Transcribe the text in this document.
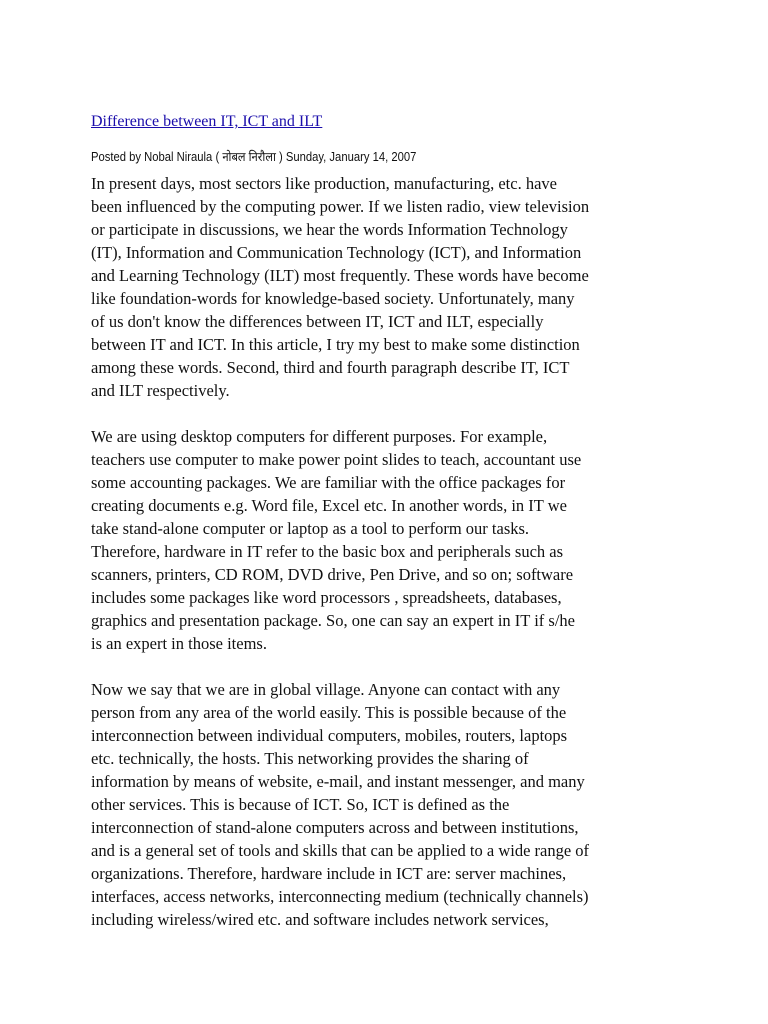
Difference between IT, ICT and ILT
Posted by Nobal Niraula ( नोबल निरौला ) Sunday, January 14, 2007

In present days, most sectors like production, manufacturing, etc. have
been influenced by the computing power. If we listen radio, view television
or participate in discussions, we hear the words Information Technology
(IT), Information and Communication Technology (ICT), and Information
and Learning Technology (ILT) most frequently. These words have become
like foundation-words for knowledge-based society. Unfortunately, many
of us don't know the differences between IT, ICT and ILT, especially
between IT and ICT. In this article, I try my best to make some distinction
among these words. Second, third and fourth paragraph describe IT, ICT
and ILT respectively.

We are using desktop computers for different purposes. For example,
teachers use computer to make power point slides to teach, accountant use
some accounting packages. We are familiar with the office packages for
creating documents e.g. Word file, Excel etc. In another words, in IT we
take stand-alone computer or laptop as a tool to perform our tasks.
Therefore, hardware in IT refer to the basic box and peripherals such as
scanners, printers, CD ROM, DVD drive, Pen Drive, and so on; software
includes some packages like word processors , spreadsheets, databases,
graphics and presentation package. So, one can say an expert in IT if s/he
is an expert in those items.

Now we say that we are in global village. Anyone can contact with any
person from any area of the world easily. This is possible because of the
interconnection between individual computers, mobiles, routers, laptops
etc. technically, the hosts. This networking provides the sharing of
information by means of website, e-mail, and instant messenger, and many
other services. This is because of ICT. So, ICT is defined as the
interconnection of stand-alone computers across and between institutions,
and is a general set of tools and skills that can be applied to a wide range of
organizations. Therefore, hardware include in ICT are: server machines,
interfaces, access networks, interconnecting medium (technically channels)
including wireless/wired etc. and software includes network services,
